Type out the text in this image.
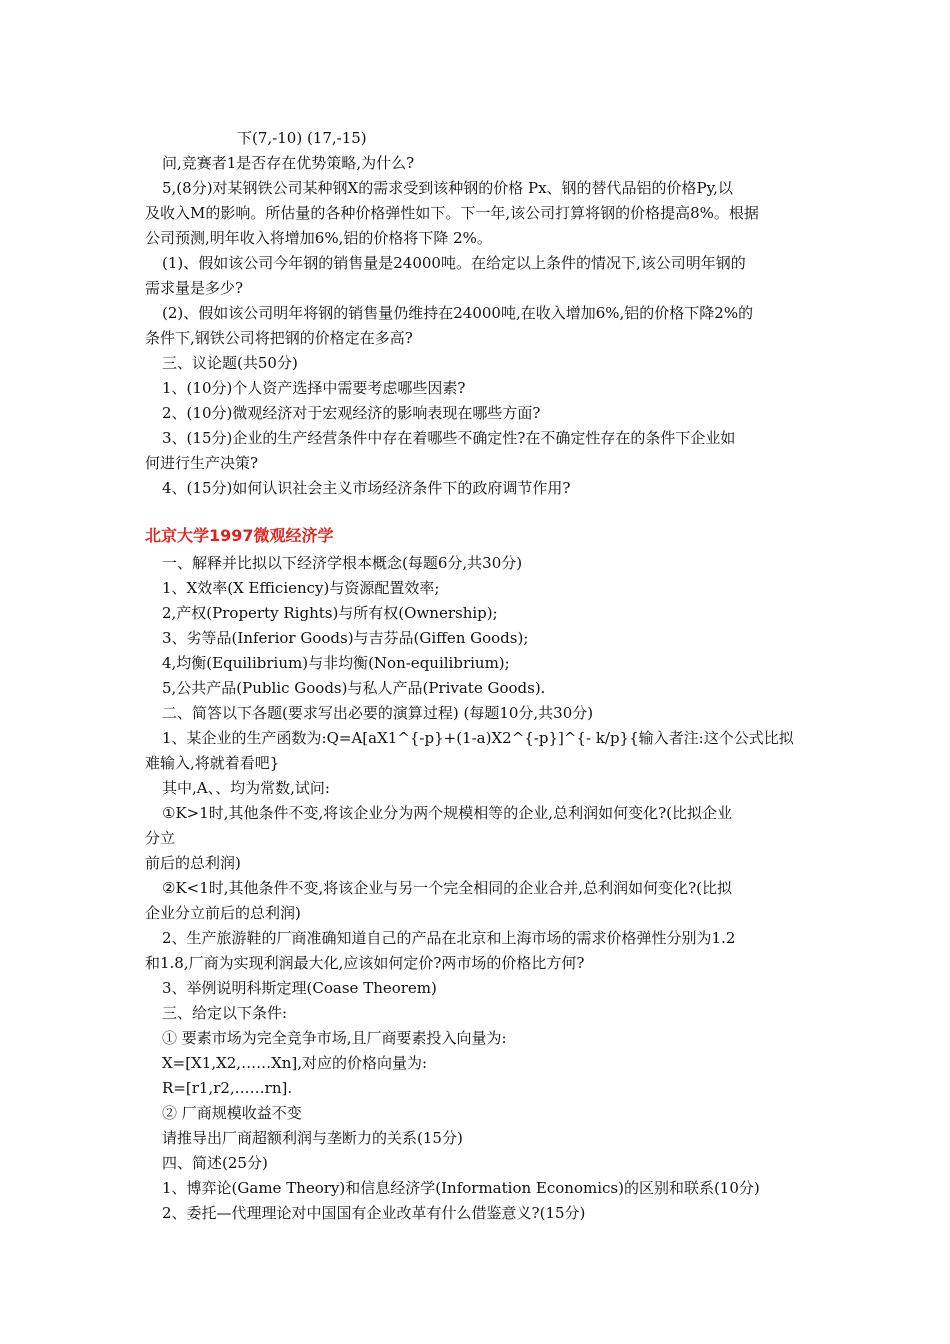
下(7,-10) (17,-15)
问,竞赛者1是否存在优势策略,为什么?
5,(8分)对某钢铁公司某种钢X的需求受到该种钢的价格 Px、钢的替代品铝的价格Py,以
及收入M的影响。所估量的各种价格弹性如下。下一年,该公司打算将钢的价格提高8%。根据
公司预测,明年收入将增加6%,铝的价格将下降 2%。
(1)、假如该公司今年钢的销售量是24000吨。在给定以上条件的情况下,该公司明年钢的
需求量是多少?
(2)、假如该公司明年将钢的销售量仍维持在24000吨,在收入增加6%,铝的价格下降2%的
条件下,钢铁公司将把钢的价格定在多高?
三、议论题(共50分)
1、(10分)个人资产选择中需要考虑哪些因素?
2、(10分)微观经济对于宏观经济的影响表现在哪些方面?
3、(15分)企业的生产经营条件中存在着哪些不确定性?在不确定性存在的条件下企业如
何进行生产决策?
4、(15分)如何认识社会主义市场经济条件下的政府调节作用?
北京大学1997微观经济学
一、解释并比拟以下经济学根本概念(每题6分,共30分)
1、X效率(X Efficiency)与资源配置效率;
2,产权(Property Rights)与所有权(Ownership);
3、劣等品(Inferior Goods)与吉芬品(Giffen Goods);
4,均衡(Equilibrium)与非均衡(Non-equilibrium);
5,公共产品(Public Goods)与私人产品(Private Goods).
二、简答以下各题(要求写出必要的演算过程) (每题10分,共30分)
1、某企业的生产函数为:Q=A[aX1^{-p}+(1-a)X2^{-p}]^{- k/p}{输入者注:这个公式比拟
难输入,将就着看吧}
其中,A、、均为常数,试问:
①K>1时,其他条件不变,将该企业分为两个规模相等的企业,总利润如何变化?(比拟企业
分立
前后的总利润)
②K<1时,其他条件不变,将该企业与另一个完全相同的企业合并,总利润如何变化?(比拟
企业分立前后的总利润)
2、生产旅游鞋的厂商准确知道自己的产品在北京和上海市场的需求价格弹性分别为1.2
和1.8,厂商为实现利润最大化,应该如何定价?两市场的价格比方何?
3、举例说明科斯定理(Coase Theorem)
三、给定以下条件:
① 要素市场为完全竞争市场,且厂商要素投入向量为:
X=[X1,X2,……Xn],对应的价格向量为:
R=[r1,r2,……rn].
② 厂商规模收益不变
请推导出厂商超额利润与垄断力的关系(15分)
四、简述(25分)
1、博弈论(Game Theory)和信息经济学(Information Economics)的区别和联系(10分)
2、委托—代理理论对中国国有企业改革有什么借鉴意义?(15分)
